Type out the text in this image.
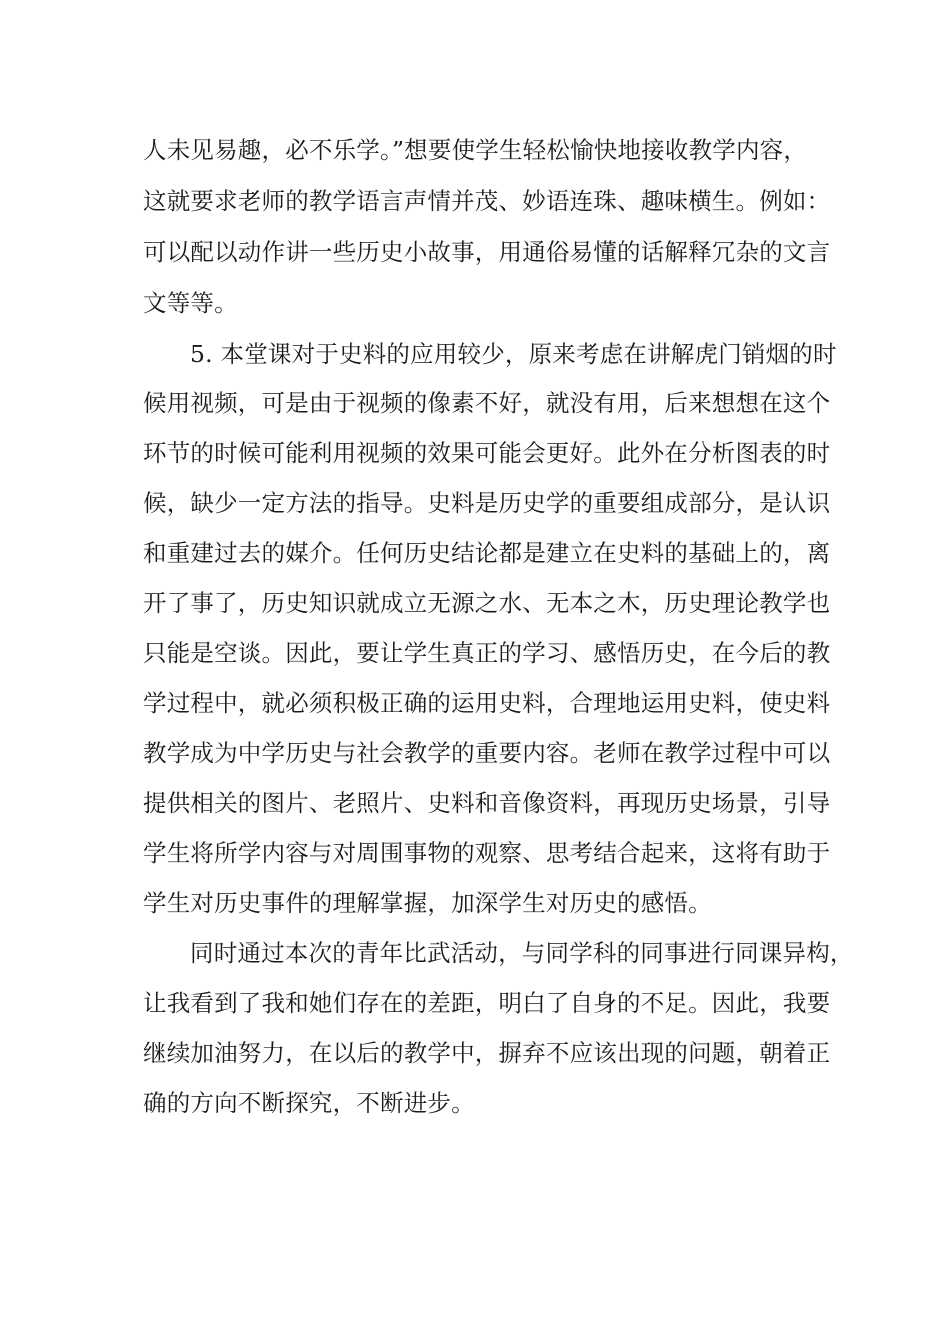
人未见易趣，必不乐学。”想要使学生轻松愉快地接收教学内容，
这就要求老师的教学语言声情并茂、妙语连珠、趣味横生。例如：
可以配以动作讲一些历史小故事，用通俗易懂的话解释冗杂的文言
文等等。
5. 本堂课对于史料的应用较少，原来考虑在讲解虎门销烟的时
候用视频，可是由于视频的像素不好，就没有用，后来想想在这个
环节的时候可能利用视频的效果可能会更好。此外在分析图表的时
候，缺少一定方法的指导。史料是历史学的重要组成部分，是认识
和重建过去的媒介。任何历史结论都是建立在史料的基础上的，离
开了事了，历史知识就成立无源之水、无本之木，历史理论教学也
只能是空谈。因此，要让学生真正的学习、感悟历史，在今后的教
学过程中，就必须积极正确的运用史料，合理地运用史料，使史料
教学成为中学历史与社会教学的重要内容。老师在教学过程中可以
提供相关的图片、老照片、史料和音像资料，再现历史场景，引导
学生将所学内容与对周围事物的观察、思考结合起来，这将有助于
学生对历史事件的理解掌握，加深学生对历史的感悟。
同时通过本次的青年比武活动，与同学科的同事进行同课异构，
让我看到了我和她们存在的差距，明白了自身的不足。因此，我要
继续加油努力，在以后的教学中，摒弃不应该出现的问题，朝着正
确的方向不断探究，不断进步。
